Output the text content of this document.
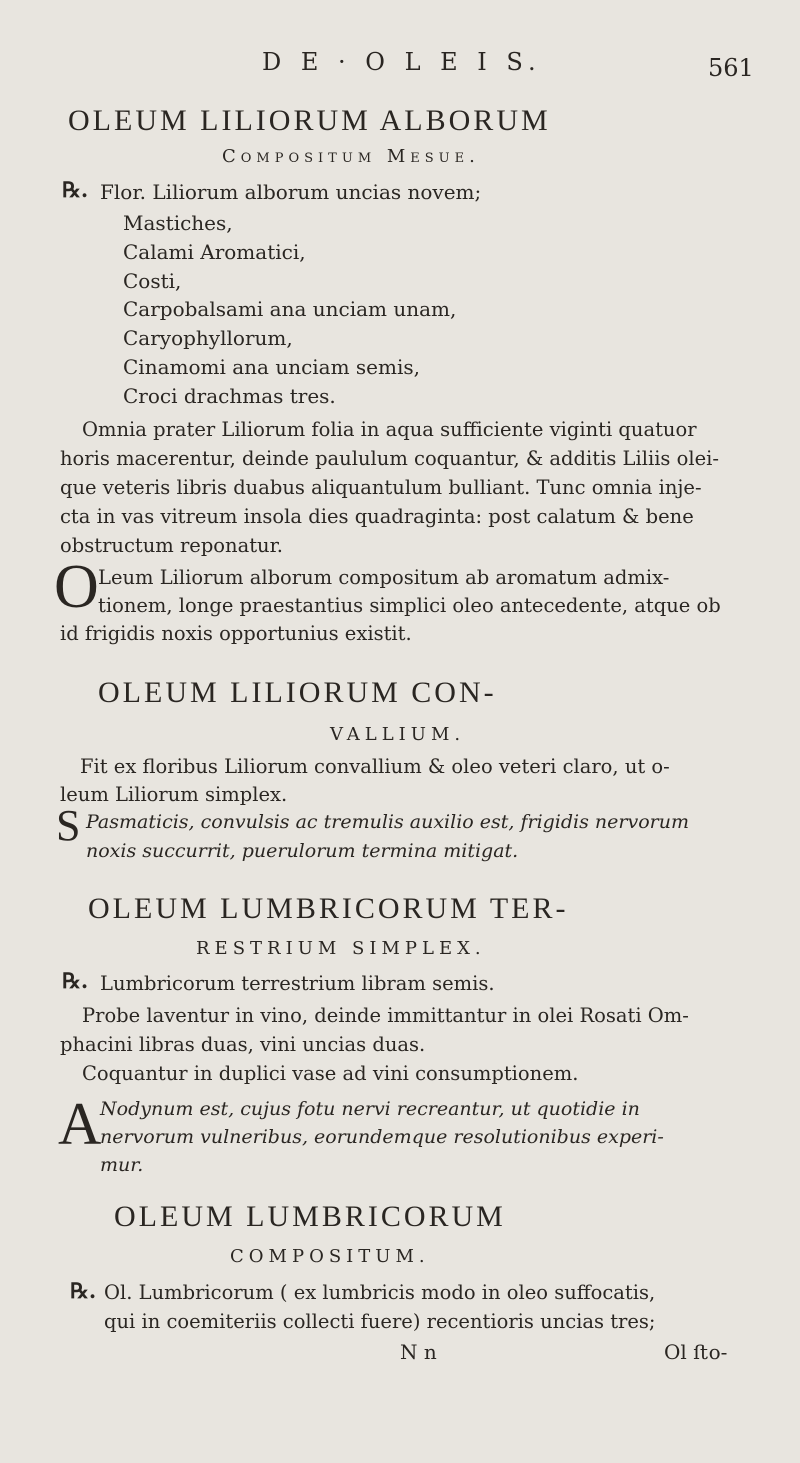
D E · O L E I S.	561
OLEUM LILIORUM ALBORUM
Compositum Mesue.
℞. Flor. Liliorum alborum uncias novem;
Mastiches,
Calami Aromatici,
Costi,
Carpobalsami ana unciam unam,
Caryophyllorum,
Cinamomi ana unciam semis,
Croci drachmas tres.
Omnia prater Liliorum folia in aqua sufficiente viginti quatuor
horis macerentur, deinde paululum coquantur, & additis Liliis olei-
que veteris libris duabus aliquantulum bulliant. Tunc omnia inje-
cta in vas vitreum insola dies quadraginta: post calatum & bene
obstructum reponatur.
O Leum Liliorum alborum compositum ab aromatum admix-
tionem, longe praestantius simplici oleo antecedente, atque ob
id frigidis noxis opportunius existit.
OLEUM LILIORUM CON-
VALLIUM.
Fit ex floribus Liliorum convallium & oleo veteri claro, ut o-
leum Liliorum simplex.
S Pasmaticis, convulsis ac tremulis auxilio est, frigidis nervorum
noxis succurrit, puerulorum termina mitigat.
OLEUM LUMBRICORUM TER-
RESTRIUM SIMPLEX.
℞. Lumbricorum terrestrium libram semis.
Probe laventur in vino, deinde immittantur in olei Rosati Om-
phacini libras duas, vini uncias duas.
Coquantur in duplici vase ad vini consumptionem.
A
Nodynum est, cujus fotu nervi recreantur, ut quotidie in
nervorum vulneribus, eorundemque resolutionibus experi-
mur.
OLEUM LUMBRICORUM
COMPOSITUM.
℞. Ol. Lumbricorum ( ex lumbricis modo in oleo suffocatis,
qui in coemiteriis collecti fuere) recentioris uncias tres;
N n	Ol ﬅo-
